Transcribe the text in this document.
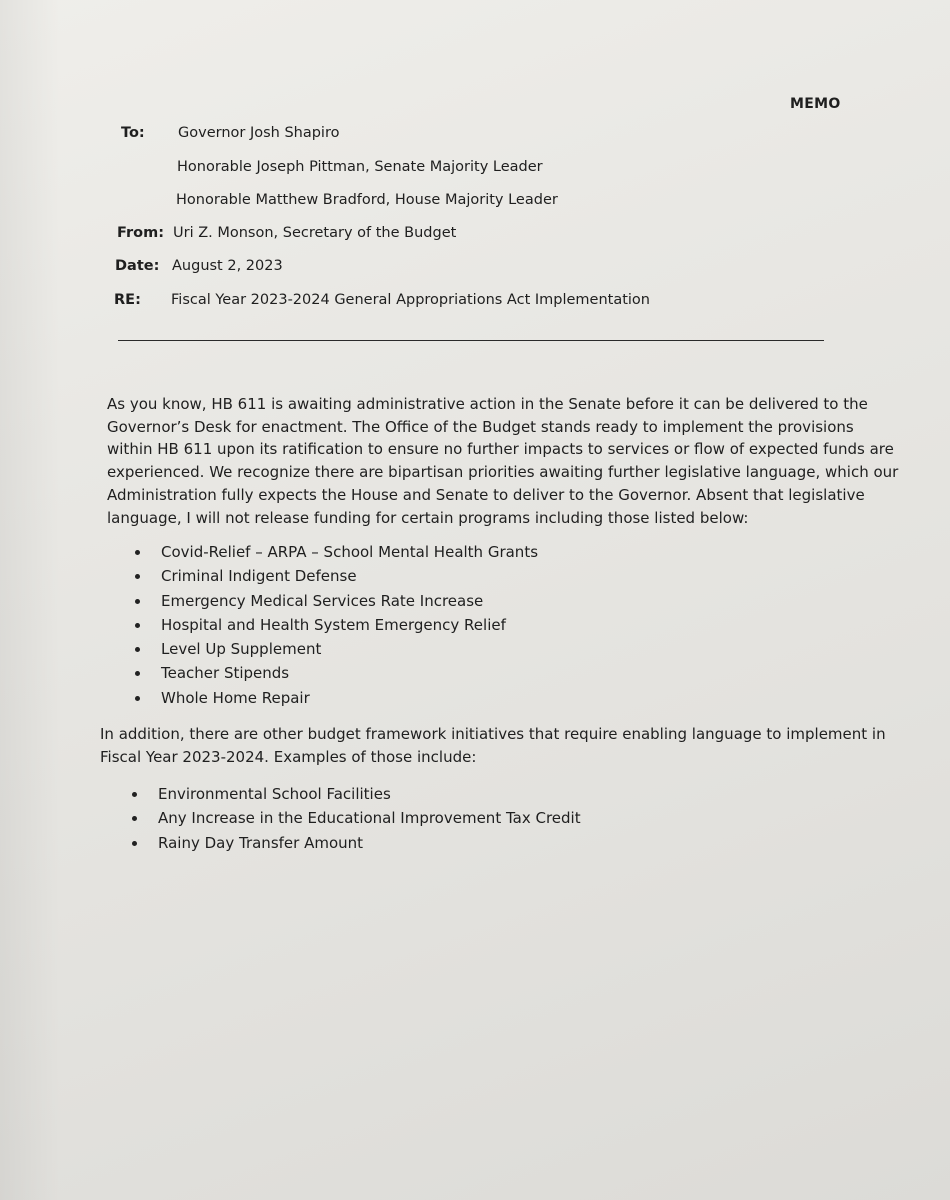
MEMO
To: Governor Josh Shapiro
Honorable Joseph Pittman, Senate Majority Leader
Honorable Matthew Bradford, House Majority Leader
From: Uri Z. Monson, Secretary of the Budget
Date: August 2, 2023
RE: Fiscal Year 2023-2024 General Appropriations Act Implementation
As you know, HB 611 is awaiting administrative action in the Senate before it can be delivered to the
Governor’s Desk for enactment. The Office of the Budget stands ready to implement the provisions
within HB 611 upon its ratification to ensure no further impacts to services or flow of expected funds are
experienced. We recognize there are bipartisan priorities awaiting further legislative language, which our
Administration fully expects the House and Senate to deliver to the Governor. Absent that legislative
language, I will not release funding for certain programs including those listed below:
Covid-Relief – ARPA – School Mental Health Grants
Criminal Indigent Defense
Emergency Medical Services Rate Increase
Hospital and Health System Emergency Relief
Level Up Supplement
Teacher Stipends
Whole Home Repair
In addition, there are other budget framework initiatives that require enabling language to implement in
Fiscal Year 2023-2024. Examples of those include:
Environmental School Facilities
Any Increase in the Educational Improvement Tax Credit
Rainy Day Transfer Amount
